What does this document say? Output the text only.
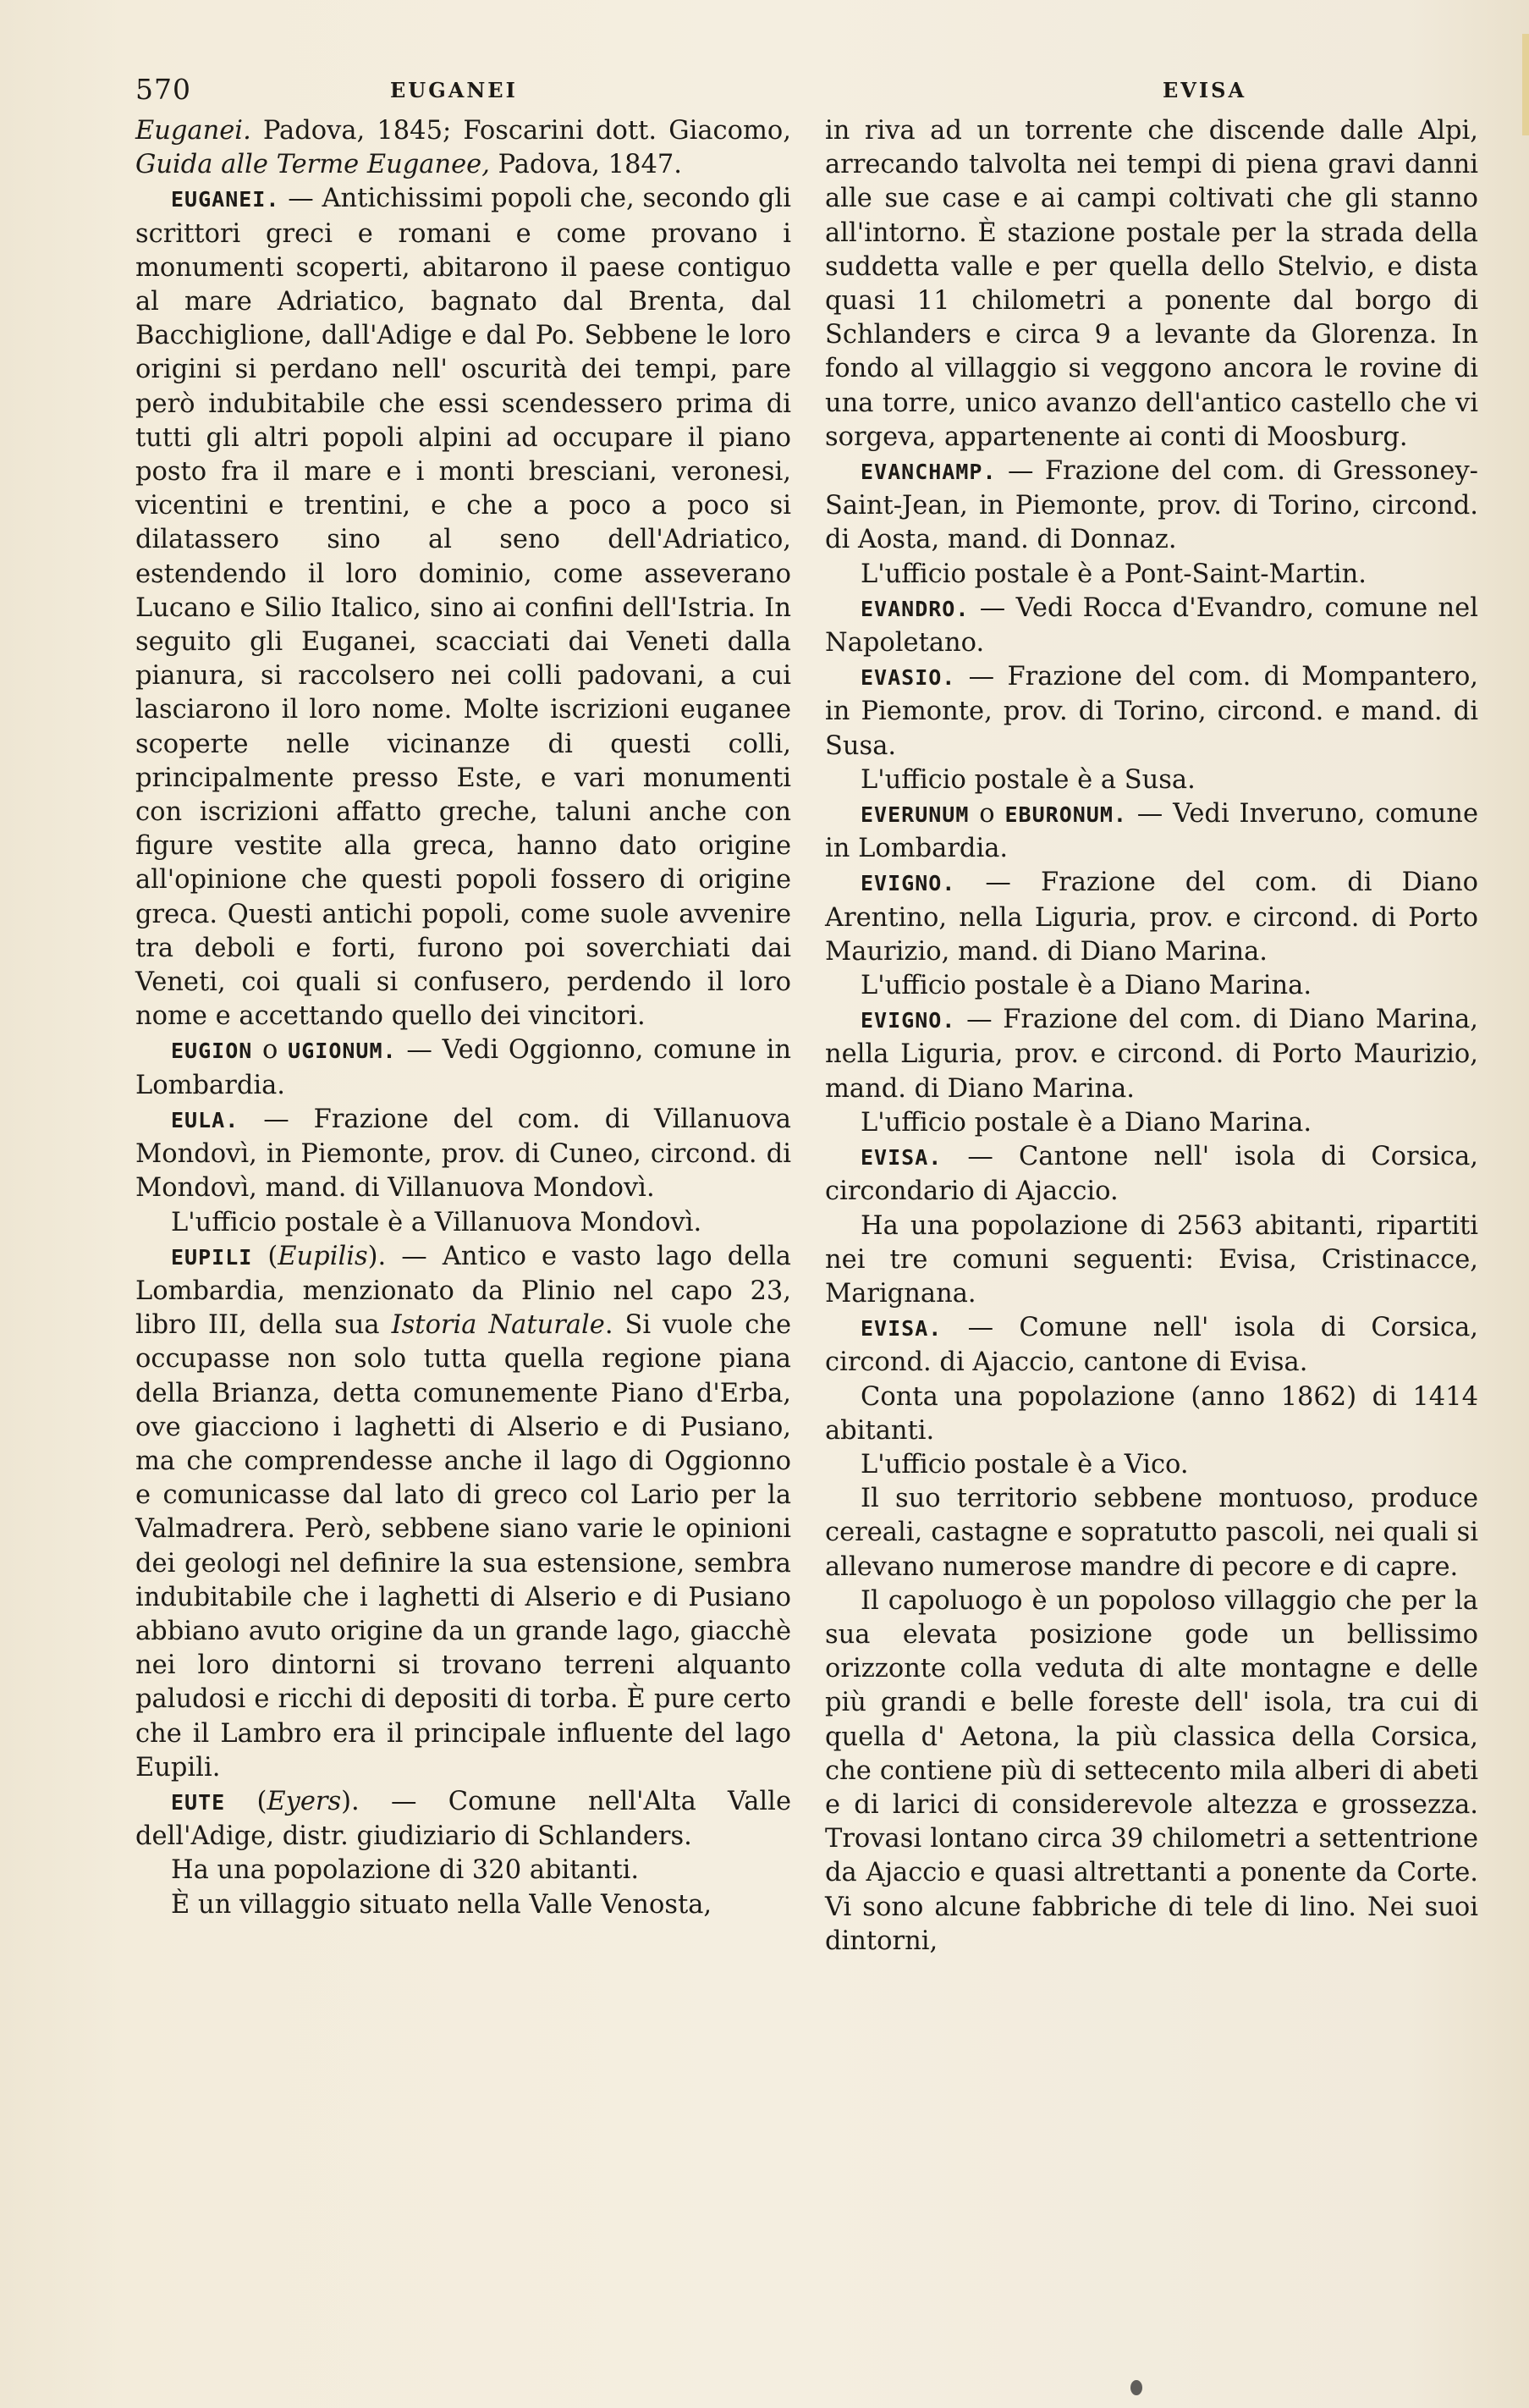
570	EUGANEI	EVISA

Euganei. Padova, 1845; Foscarini dott. Giacomo, Guida alle Terme Euganee, Padova, 1847.

EUGANEI. — Antichissimi popoli che, secondo gli scrittori greci e romani e come provano i monumenti scoperti, abitarono il paese contiguo al mare Adriatico, bagnato dal Brenta, dal Bacchiglione, dall'Adige e dal Po. Sebbene le loro origini si perdano nell' oscurità dei tempi, pare però indubitabile che essi scendessero prima di tutti gli altri popoli alpini ad occupare il piano posto fra il mare e i monti bresciani, veronesi, vicentini e trentini, e che a poco a poco si dilatassero sino al seno dell'Adriatico, estendendo il loro dominio, come asseverano Lucano e Silio Italico, sino ai confini dell'Istria. In seguito gli Euganei, scacciati dai Veneti dalla pianura, si raccolsero nei colli padovani, a cui lasciarono il loro nome. Molte iscrizioni euganee scoperte nelle vicinanze di questi colli, principalmente presso Este, e vari monumenti con iscrizioni affatto greche, taluni anche con figure vestite alla greca, hanno dato origine all'opinione che questi popoli fossero di origine greca. Questi antichi popoli, come suole avvenire tra deboli e forti, furono poi soverchiati dai Veneti, coi quali si confusero, perdendo il loro nome e accettando quello dei vincitori.

EUGION o UGIONUM. — Vedi Oggionno, comune in Lombardia.

EULA. — Frazione del com. di Villanuova Mondovì, in Piemonte, prov. di Cuneo, circond. di Mondovì, mand. di Villanuova Mondovì.

L'ufficio postale è a Villanuova Mondovì.

EUPILI (Eupilis). — Antico e vasto lago della Lombardia, menzionato da Plinio nel capo 23, libro III, della sua Istoria Naturale. Si vuole che occupasse non solo tutta quella regione piana della Brianza, detta comunemente Piano d'Erba, ove giacciono i laghetti di Alserio e di Pusiano, ma che comprendesse anche il lago di Oggionno e comunicasse dal lato di greco col Lario per la Valmadrera. Però, sebbene siano varie le opinioni dei geologi nel definire la sua estensione, sembra indubitabile che i laghetti di Alserio e di Pusiano abbiano avuto origine da un grande lago, giacchè nei loro dintorni si trovano terreni alquanto paludosi e ricchi di depositi di torba. È pure certo che il Lambro era il principale influente del lago Eupili.

EUTE (Eyers). — Comune nell'Alta Valle dell'Adige, distr. giudiziario di Schlanders.

Ha una popolazione di 320 abitanti.

È un villaggio situato nella Valle Venosta,

in riva ad un torrente che discende dalle Alpi, arrecando talvolta nei tempi di piena gravi danni alle sue case e ai campi coltivati che gli stanno all'intorno. È stazione postale per la strada della suddetta valle e per quella dello Stelvio, e dista quasi 11 chilometri a ponente dal borgo di Schlanders e circa 9 a levante da Glorenza. In fondo al villaggio si veggono ancora le rovine di una torre, unico avanzo dell'antico castello che vi sorgeva, appartenente ai conti di Moosburg.

EVANCHAMP. — Frazione del com. di Gressoney-Saint-Jean, in Piemonte, prov. di Torino, circond. di Aosta, mand. di Donnaz.

L'ufficio postale è a Pont-Saint-Martin.

EVANDRO. — Vedi Rocca d'Evandro, comune nel Napoletano.

EVASIO. — Frazione del com. di Mompantero, in Piemonte, prov. di Torino, circond. e mand. di Susa.

L'ufficio postale è a Susa.

EVERUNUM o EBURONUM. — Vedi Inveruno, comune in Lombardia.

EVIGNO. — Frazione del com. di Diano Arentino, nella Liguria, prov. e circond. di Porto Maurizio, mand. di Diano Marina.

L'ufficio postale è a Diano Marina.

EVIGNO. — Frazione del com. di Diano Marina, nella Liguria, prov. e circond. di Porto Maurizio, mand. di Diano Marina.

L'ufficio postale è a Diano Marina.

EVISA. — Cantone nell' isola di Corsica, circondario di Ajaccio.

Ha una popolazione di 2563 abitanti, ripartiti nei tre comuni seguenti: Evisa, Cristinacce, Marignana.

EVISA. — Comune nell' isola di Corsica, circond. di Ajaccio, cantone di Evisa.

Conta una popolazione (anno 1862) di 1414 abitanti.

L'ufficio postale è a Vico.

Il suo territorio sebbene montuoso, produce cereali, castagne e sopratutto pascoli, nei quali si allevano numerose mandre di pecore e di capre.

Il capoluogo è un popoloso villaggio che per la sua elevata posizione gode un bellissimo orizzonte colla veduta di alte montagne e delle più grandi e belle foreste dell' isola, tra cui di quella d' Aetona, la più classica della Corsica, che contiene più di settecento mila alberi di abeti e di larici di considerevole altezza e grossezza. Trovasi lontano circa 39 chilometri a settentrione da Ajaccio e quasi altrettanti a ponente da Corte. Vi sono alcune fabbriche di tele di lino. Nei suoi dintorni,
